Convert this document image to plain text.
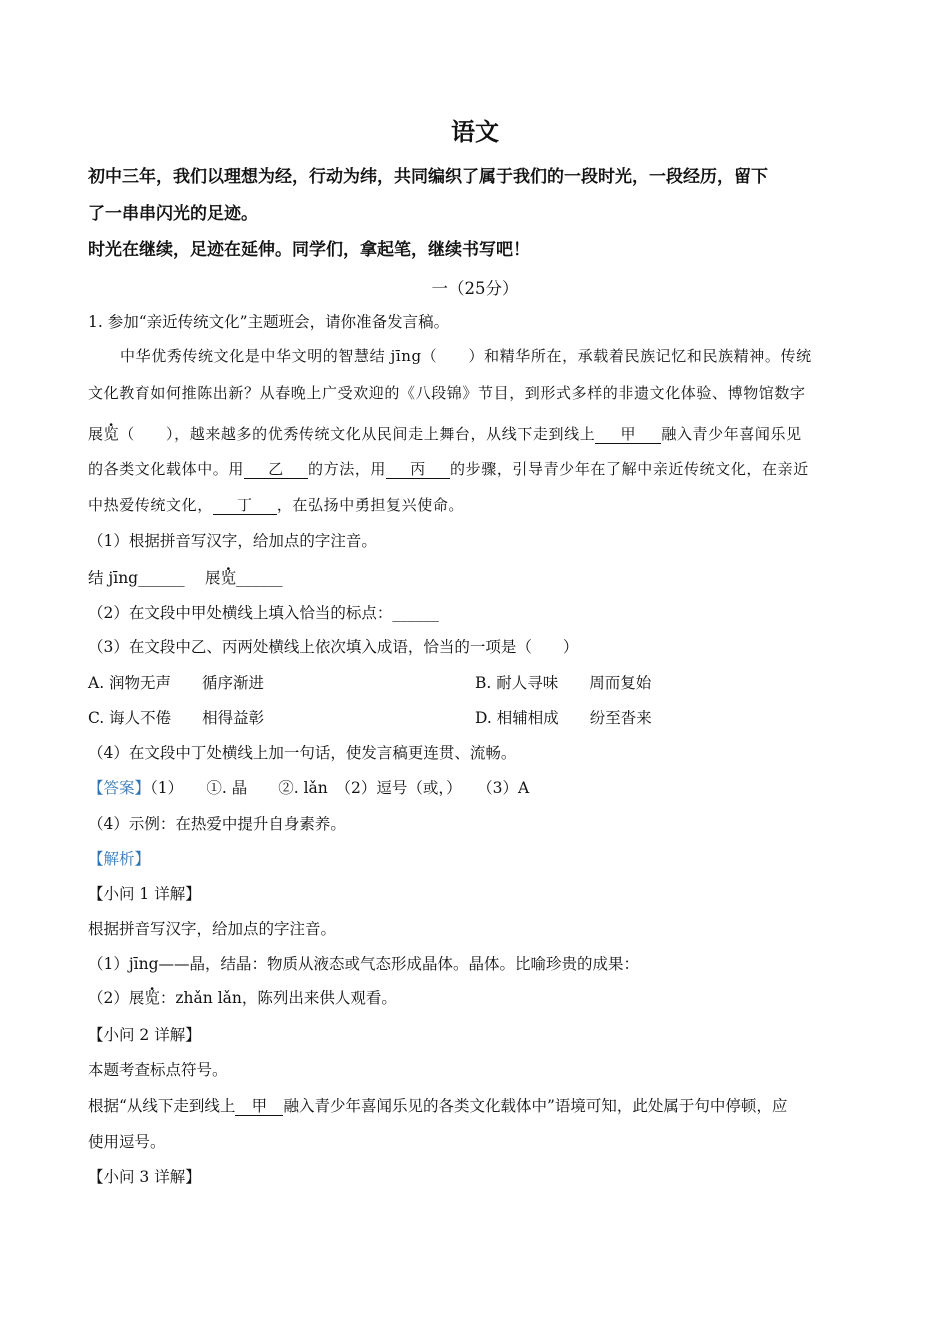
语文
初中三年，我们以理想为经，行动为纬，共同编织了属于我们的一段时光，一段经历，留下
了一串串闪光的足迹。
时光在继续，足迹在延伸。同学们，拿起笔，继续书写吧！
一（25分）
1. 参加“亲近传统文化”主题班会，请你准备发言稿。
中华优秀传统文化是中华文明的智慧结 jīng（　　）和精华所在，承载着民族记忆和民族精神。传统
文化教育如何推陈出新？从春晚上广受欢迎的《八段锦》节目，到形式多样的非遗文化体验、博物馆数字
展览（　　），越来越多的优秀传统文化从民间走上舞台，从线下走到线上 甲 融入青少年喜闻乐见
的各类文化载体中。用 乙 的方法，用 丙 的步骤，引导青少年在了解中亲近传统文化，在亲近
中热爱传统文化， 丁 ，在弘扬中勇担复兴使命。
（1）根据拼音写汉字，给加点的字注音。
结 jīng______　 展览______
（2）在文段中甲处横线上填入恰当的标点：______
（3）在文段中乙、丙两处横线上依次填入成语，恰当的一项是（　　）
A. 润物无声　　循序渐进	B. 耐人寻味　　周而复始
C. 诲人不倦　　相得益彰	D. 相辅相成　　纷至沓来
（4）在文段中丁处横线上加一句话，使发言稿更连贯、流畅。
【答案】（1）　　①. 晶　　②. lǎn　（2）逗号（或，）　　（3）A
（4）示例：在热爱中提升自身素养。
【解析】
【小问 1 详解】
根据拼音写汉字，给加点的字注音。
（1）jīng——晶，结晶：物质从液态或气态形成晶体。晶体。比喻珍贵的成果：
（2）展览：zhǎn lǎn，陈列出来供人观看。
【小问 2 详解】
本题考查标点符号。
根据“从线下走到线上 甲 融入青少年喜闻乐见的各类文化载体中”语境可知，此处属于句中停顿，应
使用逗号。
【小问 3 详解】
